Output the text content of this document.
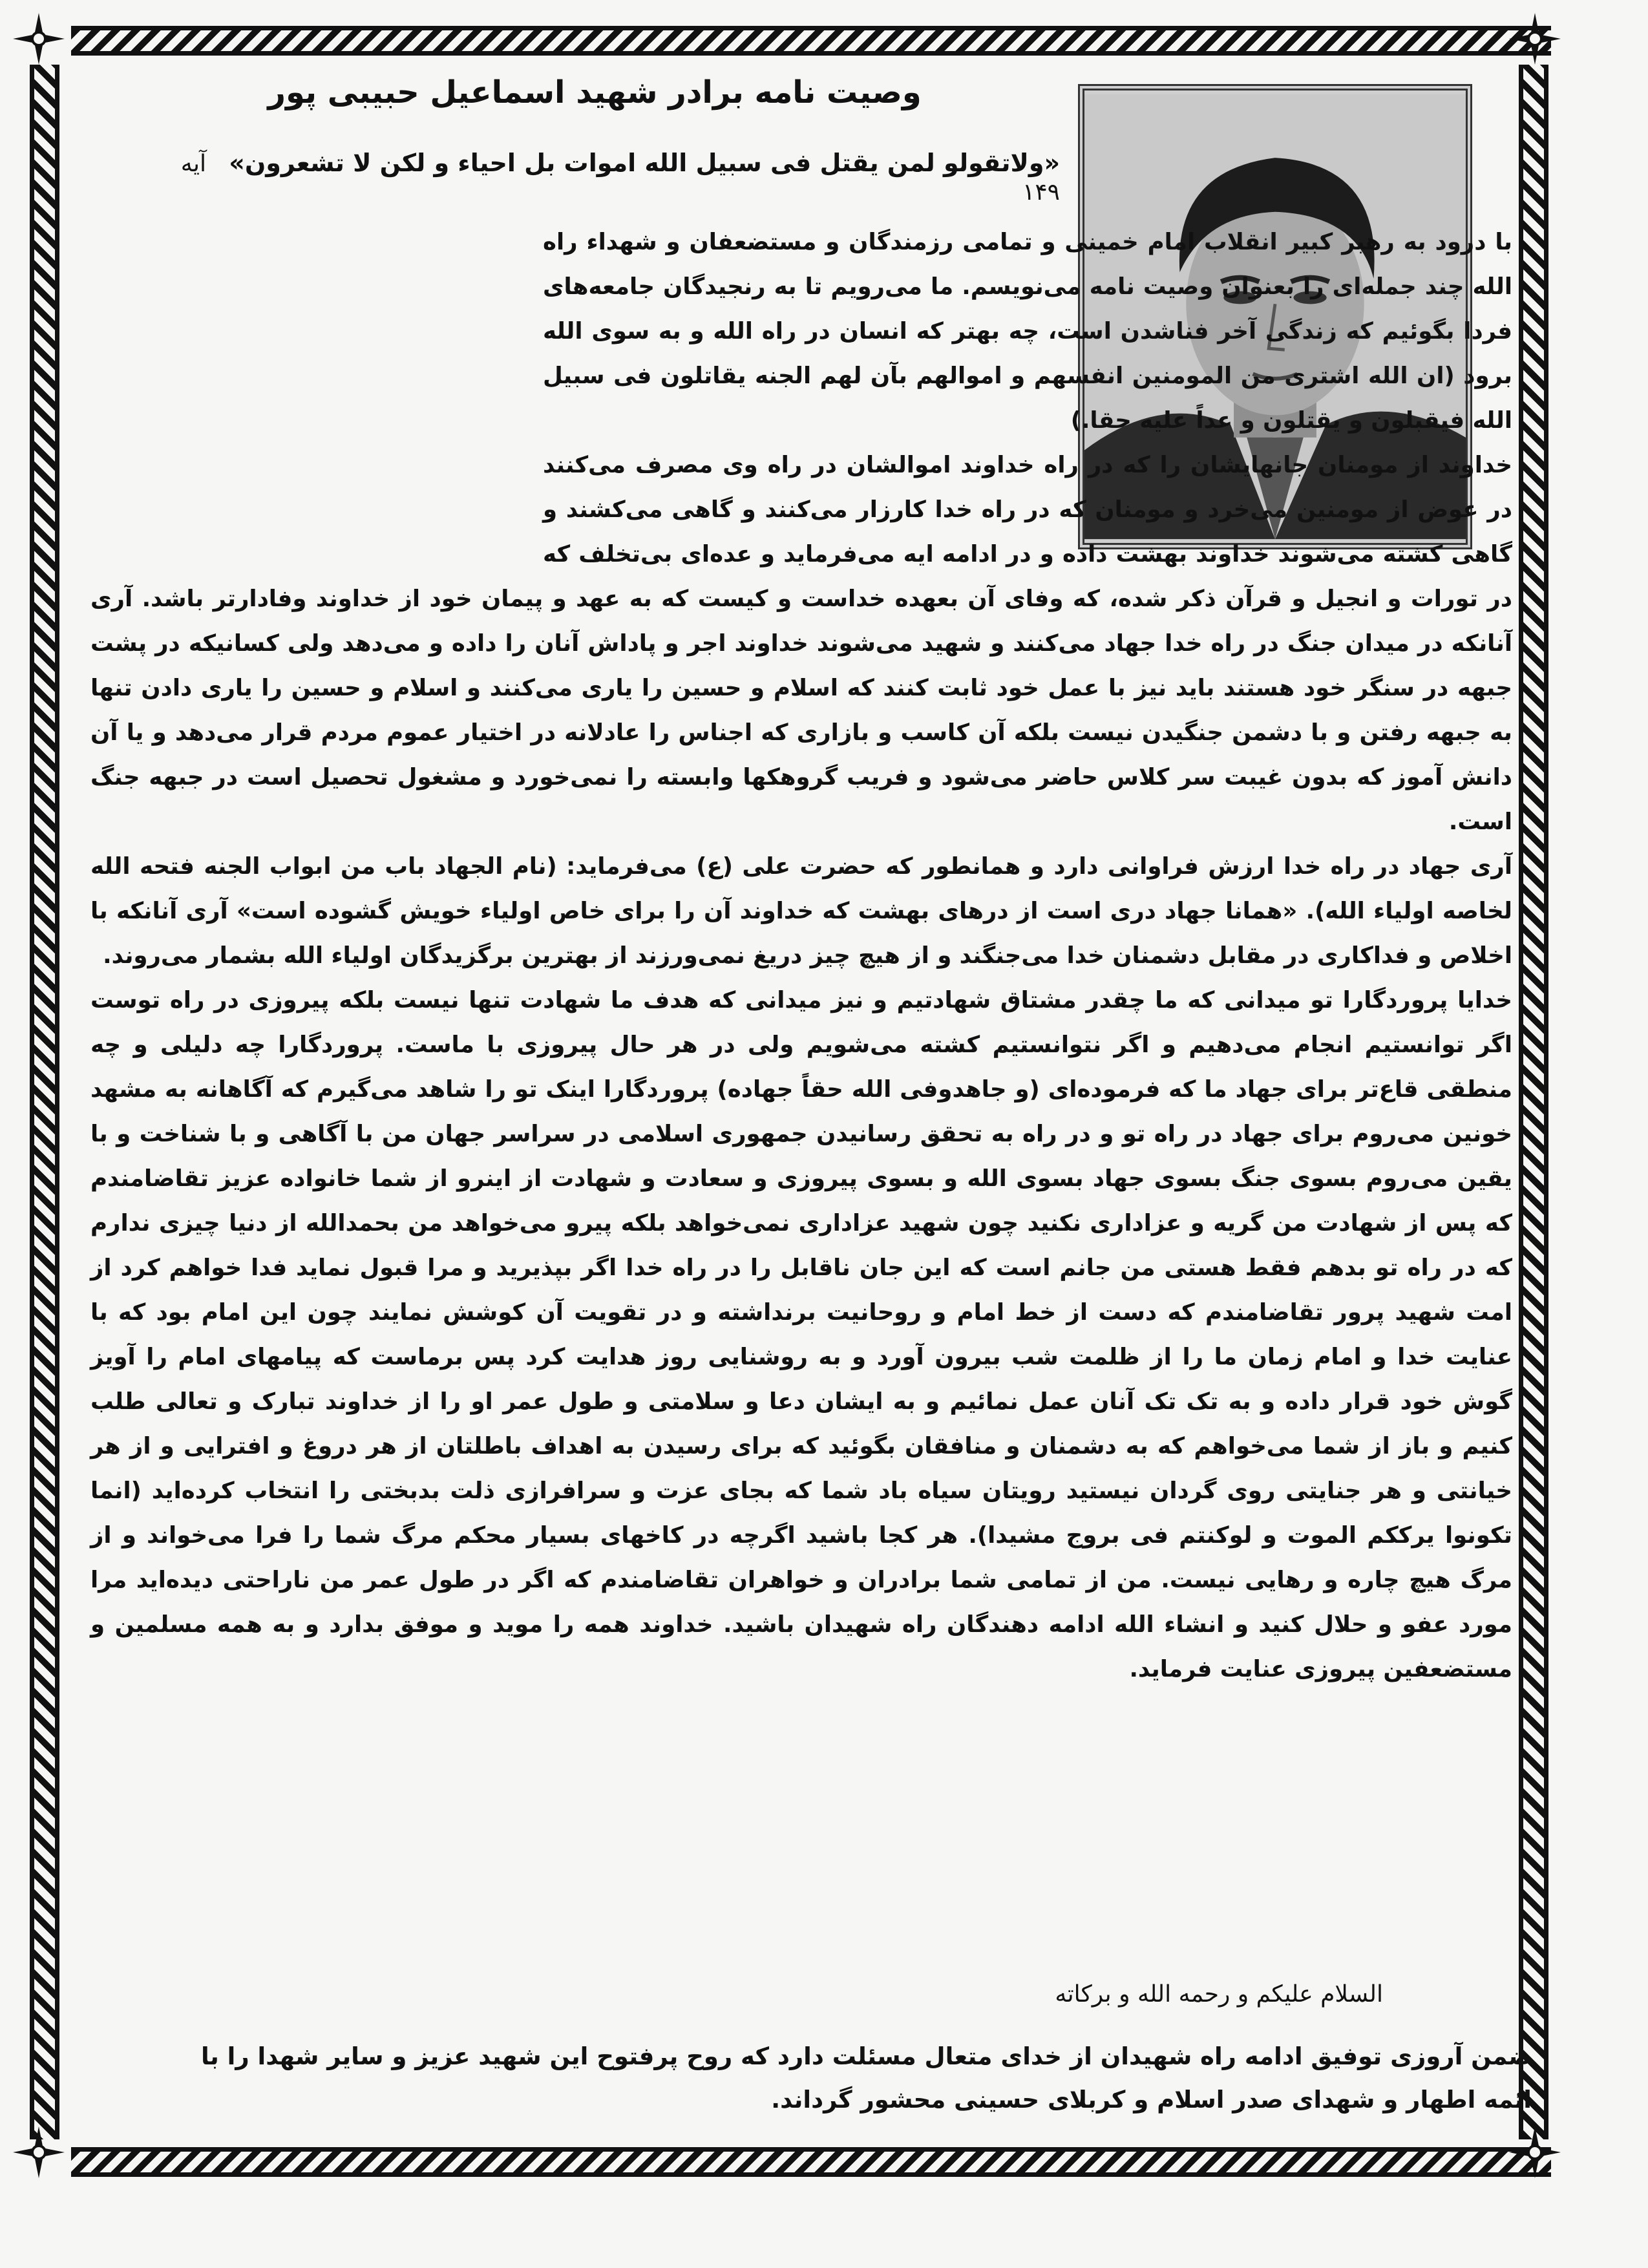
وصیت نامه برادر شهید اسماعیل حبیبی پور
«ولاتقولو لمن یقتل فی سبیل الله اموات بل احیاء و لکن لا تشعرون» آیه ۱۴۹

با درود به رهبر کبیر انقلاب امام خمینی و تمامی رزمندگان و مستضعفان و شهداء راه الله چند جمله‌ای را بعنوان وصیت نامه می‌نویسم. ما می‌رویم تا به رنجیدگان جامعه‌های فردا بگوئیم که زندگی آخر فناشدن است، چه بهتر که انسان در راه الله و به سوی الله برود (ان الله اشتری من المومنین انفسهم و اموالهم بآن لهم الجنه یقاتلون فی سبیل الله فیقبلون و یقتلون و عداً علیه حقا.)

خداوند از مومنان جانهایشان را که در راه خداوند اموالشان در راه وی مصرف می‌کنند در عوض از مومنین می‌خرد و مومنان که در راه خدا کارزار می‌کنند و گاهی می‌کشند و گاهی کشته می‌شوند خداوند بهشت داده و در ادامه ایه می‌فرماید و عده‌ای بی‌تخلف که در تورات و انجیل و قرآن ذکر شده، که وفای آن بعهده خداست و کیست که به عهد و پیمان خود از خداوند وفادارتر باشد. آری آنانکه در میدان جنگ در راه خدا جهاد می‌کنند و شهید می‌شوند خداوند اجر و پاداش آنان را داده و می‌دهد ولی کسانیکه در پشت جبهه در سنگر خود هستند باید نیز با عمل خود ثابت کنند که اسلام و حسین را یاری می‌کنند و اسلام و حسین را یاری دادن تنها به جبهه رفتن و با دشمن جنگیدن نیست بلکه آن کاسب و بازاری که اجناس را عادلانه در اختیار عموم مردم قرار می‌دهد و یا آن دانش آموز که بدون غیبت سر کلاس حاضر می‌شود و فریب گروهکها وابسته را نمی‌خورد و مشغول تحصیل است در جبهه جنگ است.

آری جهاد در راه خدا ارزش فراوانی دارد و همانطور که حضرت علی (ع) می‌فرماید: (نام الجهاد باب من ابواب الجنه فتحه الله لخاصه اولیاء الله). «همانا جهاد دری است از درهای بهشت که خداوند آن را برای خاص اولیاء خویش گشوده است» آری آنانکه با اخلاص و فداکاری در مقابل دشمنان خدا می‌جنگند و از هیچ چیز دریغ نمی‌ورزند از بهترین برگزیدگان اولیاء الله بشمار می‌روند.

خدایا پروردگارا تو میدانی که ما چقدر مشتاق شهادتیم و نیز میدانی که هدف ما شهادت تنها نیست بلکه پیروزی در راه توست اگر توانستیم انجام می‌دهیم و اگر نتوانستیم کشته می‌شویم ولی در هر حال پیروزی با ماست. پروردگارا چه دلیلی و چه منطقی قاع‌تر برای جهاد ما که فرموده‌ای (و جاهدوفی الله حقاً جهاده) پروردگارا اینک تو را شاهد می‌گیرم که آگاهانه به مشهد خونین می‌روم برای جهاد در راه تو و در راه به تحقق رسانیدن جمهوری اسلامی در سراسر جهان من با آگاهی و با شناخت و با یقین می‌روم بسوی جنگ بسوی جهاد بسوی الله و بسوی پیروزی و سعادت و شهادت از اینرو از شما خانواده عزیز تقاضامندم که پس از شهادت من گریه و عزاداری نکنید چون شهید عزاداری نمی‌خواهد بلکه پیرو می‌خواهد من بحمدالله از دنیا چیزی ندارم که در راه تو بدهم فقط هستی من جانم است که این جان ناقابل را در راه خدا اگر بپذیرید و مرا قبول نماید فدا خواهم کرد از امت شهید پرور تقاضامندم که دست از خط امام و روحانیت برنداشته و در تقویت آن کوشش نمایند چون این امام بود که با عنایت خدا و امام زمان ما را از ظلمت شب بیرون آورد و به روشنایی روز هدایت کرد پس برماست که پیامهای امام را آویز گوش خود قرار داده و به تک تک آنان عمل نمائیم و به ایشان دعا و سلامتی و طول عمر او را از خداوند تبارک و تعالی طلب کنیم و باز از شما می‌خواهم که به دشمنان و منافقان بگوئید که برای رسیدن به اهداف باطلتان از هر دروغ و افترایی و از هر خیانتی و هر جنایتی روی گردان نیستید رویتان سیاه باد شما که بجای عزت و سرافرازی ذلت بدبختی را انتخاب کرده‌اید (انما تکونوا یرککم الموت و لوکنتم فی بروج مشیدا). هر کجا باشید اگرچه در کاخهای بسیار محکم مرگ شما را فرا می‌خواند و از مرگ هیچ چاره و رهایی نیست. من از تمامی شما برادران و خواهران تقاضامندم که اگر در طول عمر من ناراحتی دیده‌اید مرا مورد عفو و حلال کنید و انشاء الله ادامه دهندگان راه شهیدان باشید. خداوند همه را موید و موفق بدارد و به همه مسلمین و مستضعفین پیروزی عنایت فرماید.

السلام علیکم و رحمه الله و برکاته
ضمن آروزی توفیق ادامه راه شهیدان از خدای متعال مسئلت دارد که روح پرفتوح این شهید عزیز و سایر شهدا را با ائمه اطهار و شهدای صدر اسلام و کربلای حسینی محشور گرداند.
